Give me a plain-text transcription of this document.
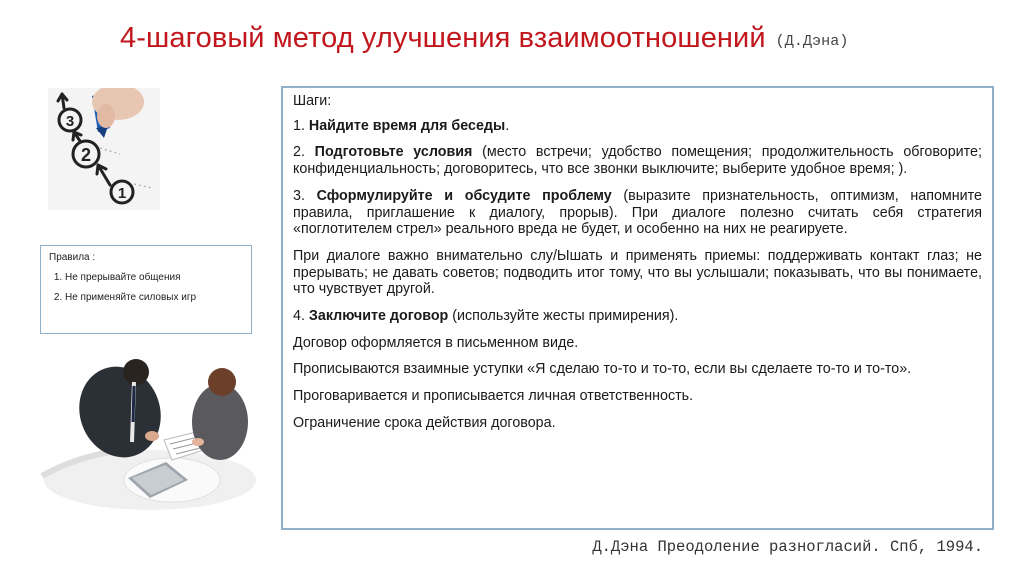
4-шаговый метод улучшения взаимоотношений (Д.Дэна)
3
2
1
Правила :
1. Не прерывайте общения
2. Не применяйте силовых игр

Шаги:

1. Найдите время для беседы.

2. Подготовьте условия (место встречи; удобство помещения; продолжительность обговорите; конфиденциальность; договоритесь, что все звонки выключите; выберите удобное время; ).

3. Сформулируйте и обсудите проблему (выразите признательность, оптимизм, напомните правила, приглашение к диалогу, прорыв). При диалоге полезно считать себя стратегия «поглотителем стрел» реального вреда не будет, и особенно на них не реагируете.

При диалоге важно внимательно слу/Ышать и применять приемы: поддерживать контакт глаз; не прерывать; не давать советов; подводить итог тому, что вы услышали; показывать, что вы понимаете, что чувствует другой.

4. Заключите договор (используйте жесты примирения).

Договор оформляется в письменном виде.

Прописываются взаимные уступки «Я сделаю то-то и то-то, если вы сделаете то-то и то-то».

Проговаривается и прописывается личная ответственность.

Ограничение срока действия договора.

Д.Дэна Преодоление разногласий. Спб, 1994.
